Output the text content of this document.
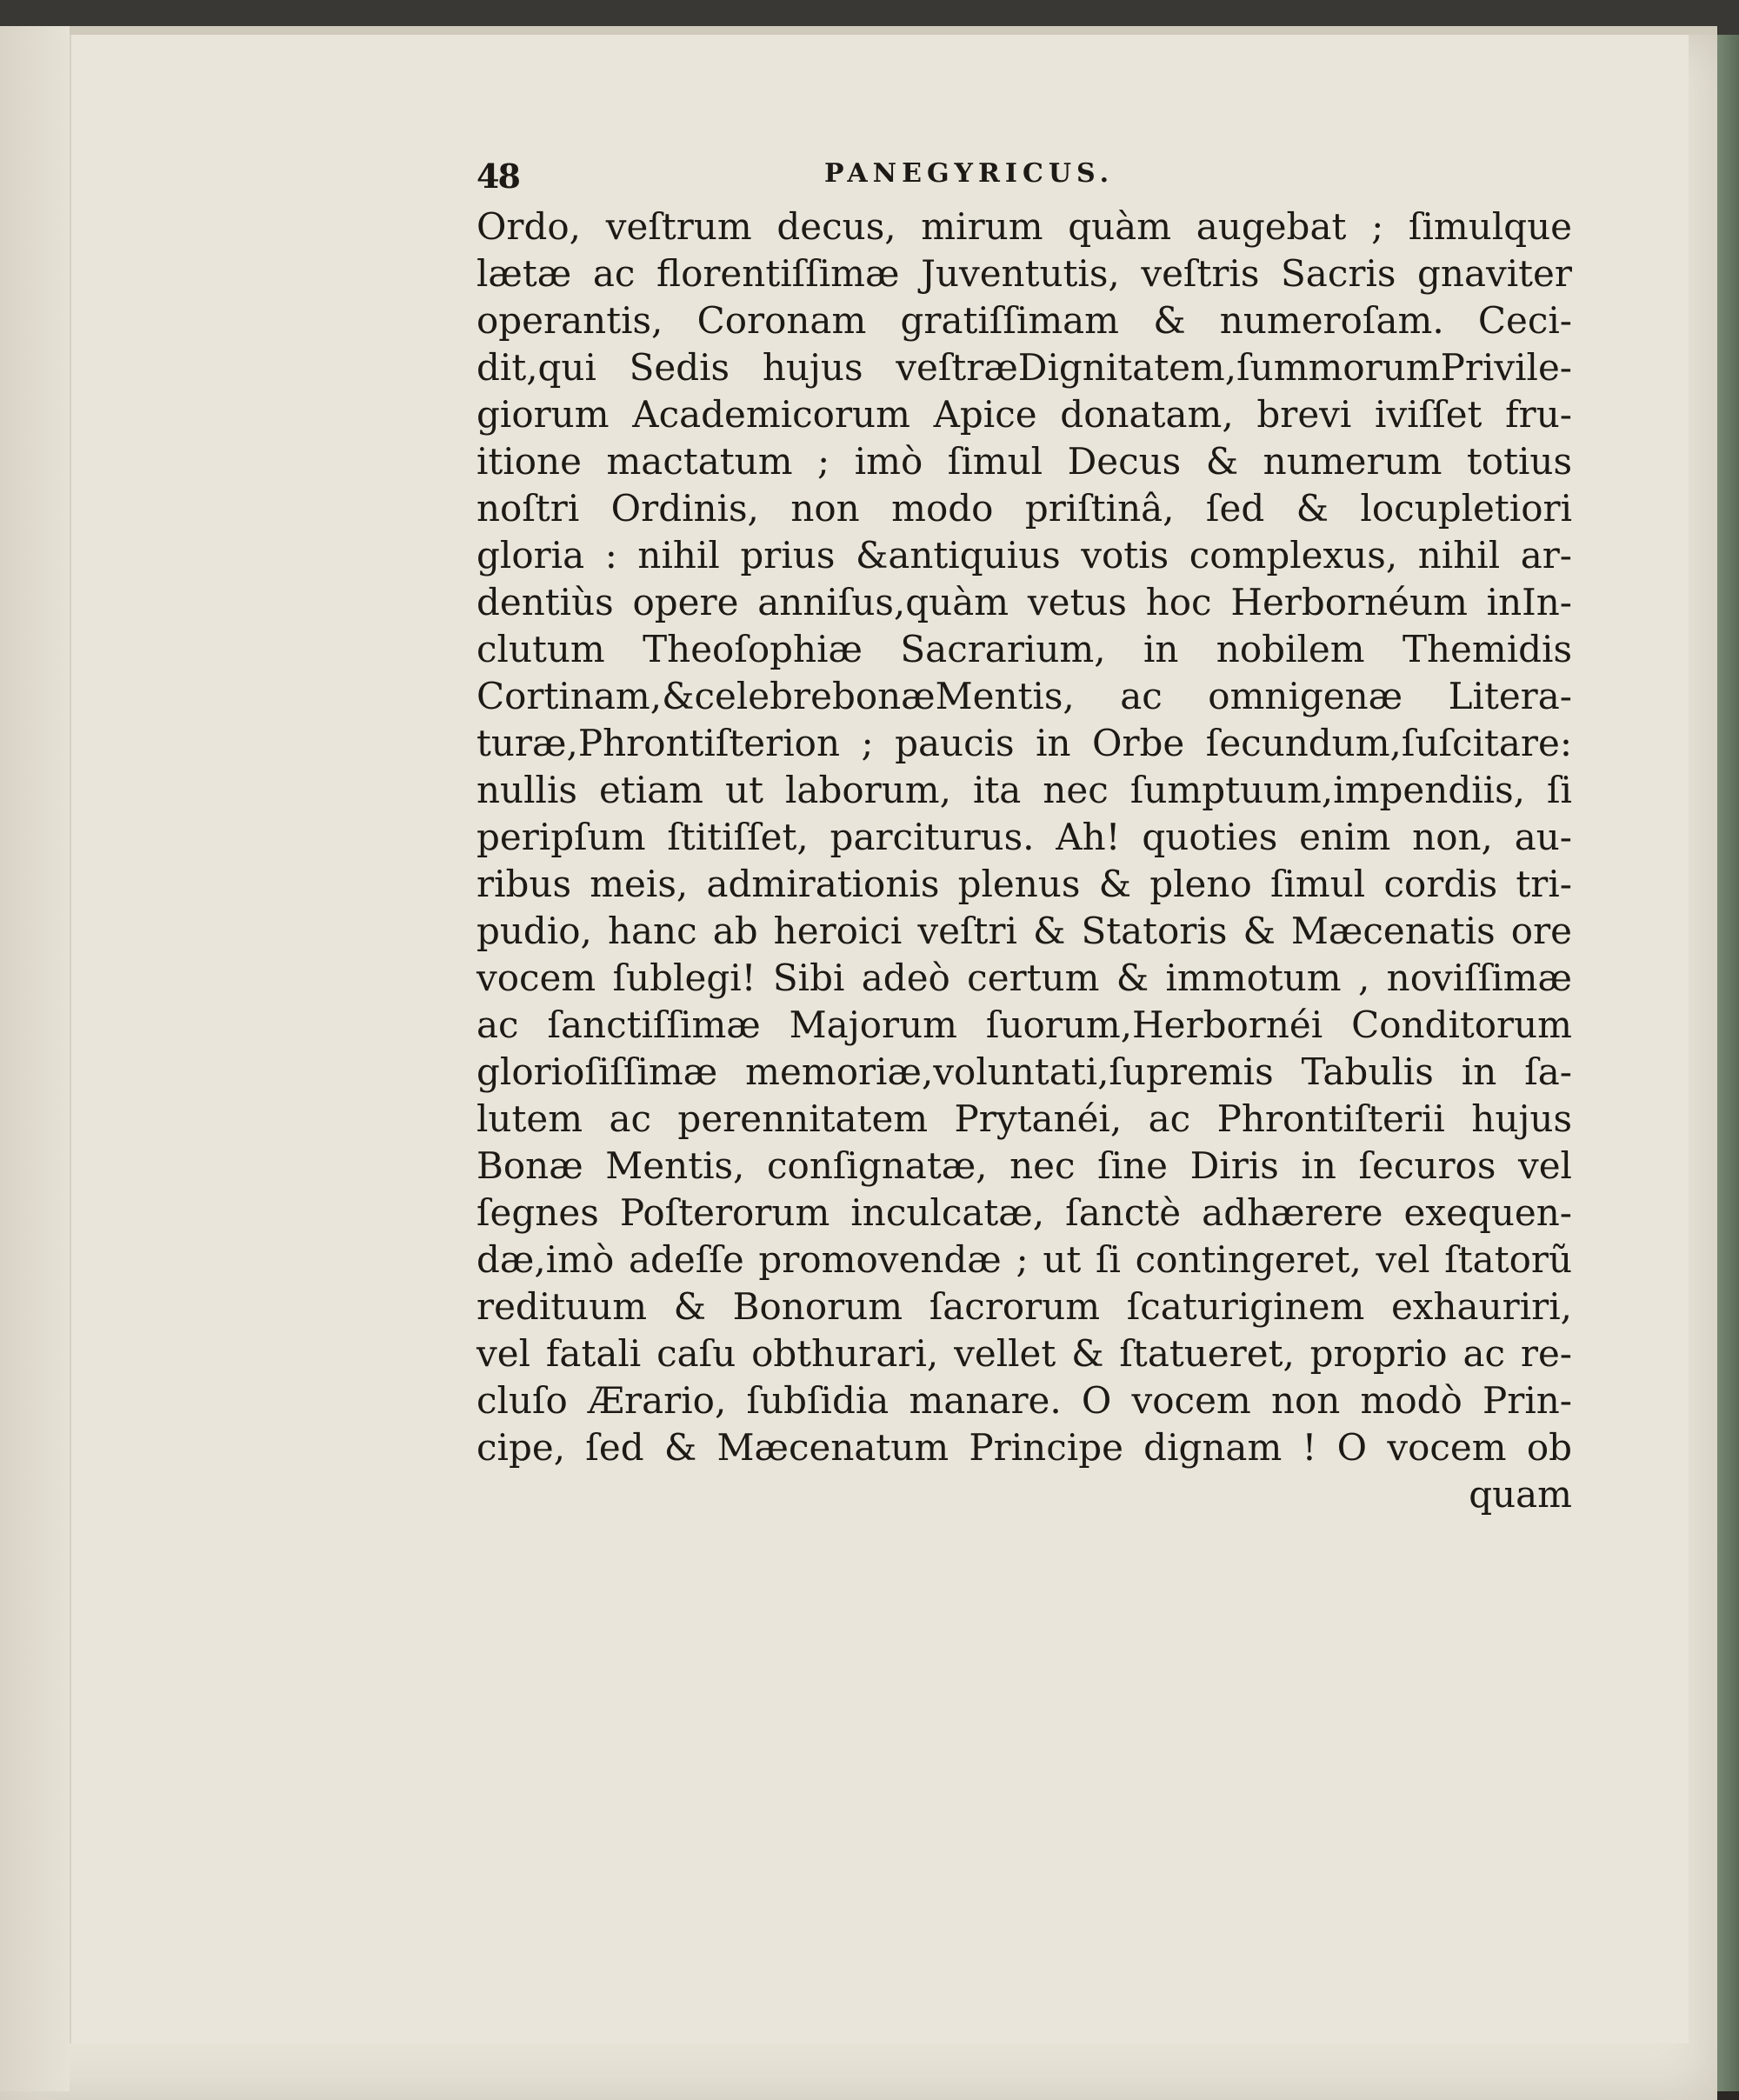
48	PANEGYRICUS.
Ordo, veſtrum decus, mirum quàm augebat ; ſimulque
lætæ ac florentiſſimæ Juventutis, veſtris Sacris gnaviter
operantis, Coronam gratiſſimam & numeroſam. Ceci-
dit,qui Sedis hujus veſtræDignitatem,ſummorumPrivile-
giorum Academicorum Apice donatam, brevi iviſſet fru-
itione mactatum ; imò ſimul Decus & numerum totius
noſtri Ordinis, non modo priſtinâ, ſed & locupletiori
gloria : nihil prius &antiquius votis complexus, nihil ar-
dentiùs opere anniſus,quàm vetus hoc Herbornéum inIn-
clutum Theoſophiæ Sacrarium, in nobilem Themidis
Cortinam,&celebrebonæMentis, ac omnigenæ Litera-
turæ,Phrontiſterion ; paucis in Orbe ſecundum,ſuſcitare:
nullis etiam ut laborum, ita nec ſumptuum,impendiis, ſi
peripſum ſtitiſſet, parciturus. Ah! quoties enim non, au-
ribus meis, admirationis plenus & pleno ſimul cordis tri-
pudio, hanc ab heroici veſtri & Statoris & Mæcenatis ore
vocem ſublegi! Sibi adeò certum & immotum , noviſſimæ
ac ſanctiſſimæ Majorum ſuorum,Herbornéi Conditorum
glorioſiſſimæ memoriæ,voluntati,ſupremis Tabulis in ſa-
lutem ac perennitatem Prytanéi, ac Phrontiſterii hujus
Bonæ Mentis, conſignatæ, nec ſine Diris in ſecuros vel
ſegnes Poſterorum inculcatæ, ſanctè adhærere exequen-
dæ,imò adeſſe promovendæ ; ut ſi contingeret, vel ſtatorũ
redituum & Bonorum ſacrorum ſcaturiginem exhauriri,
vel fatali caſu obthurari, vellet & ſtatueret, proprio ac re-
cluſo Ærario, ſubſidia manare. O vocem non modò Prin-
cipe, ſed & Mæcenatum Principe dignam ! O vocem ob
quam
